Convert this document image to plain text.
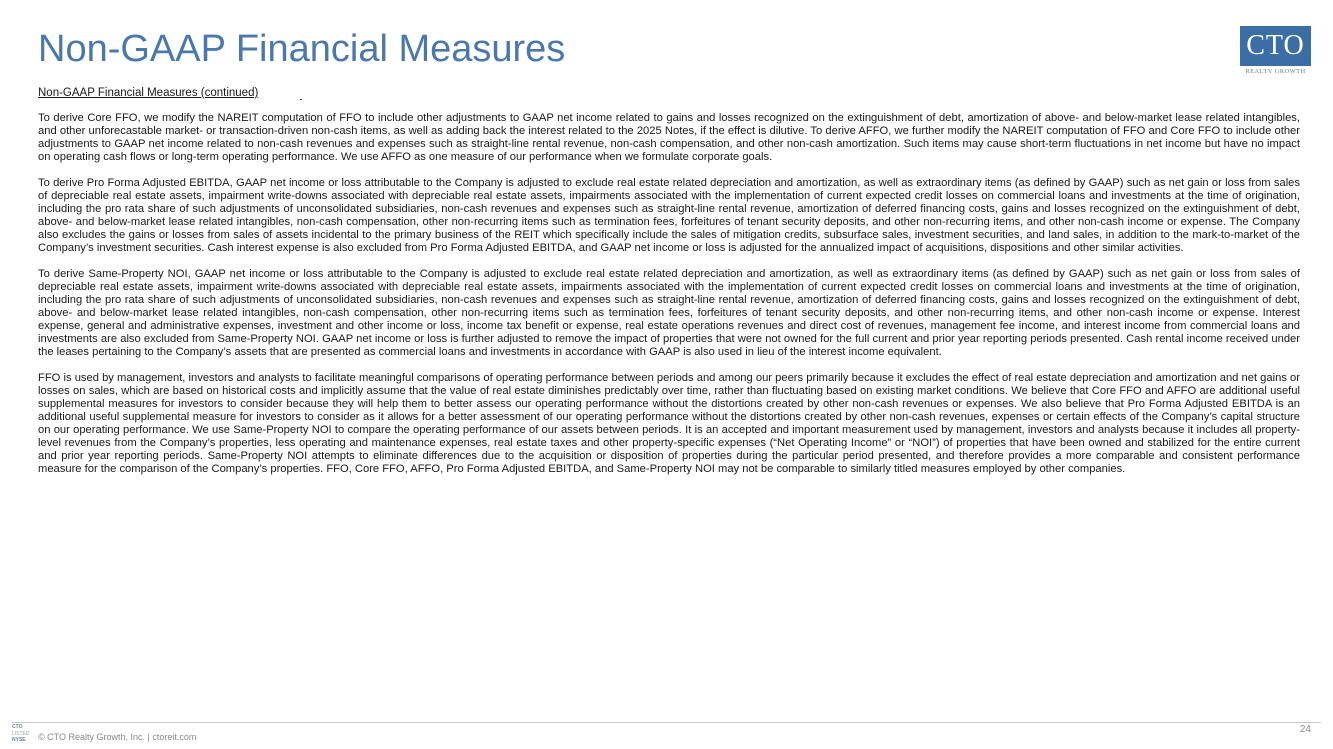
Non-GAAP Financial Measures	CTO
REALTY GROWTH
Non-GAAP Financial Measures (continued)

To derive Core FFO, we modify the NAREIT computation of FFO to include other adjustments to GAAP net income related to gains and losses recognized on the extinguishment of debt, amortization of above- and below-market lease related intangibles, and other unforecastable market- or transaction-driven non-cash items, as well as adding back the interest related to the 2025 Notes, if the effect is dilutive. To derive AFFO, we further modify the NAREIT computation of FFO and Core FFO to include other adjustments to GAAP net income related to non-cash revenues and expenses such as straight-line rental revenue, non-cash compensation, and other non-cash amortization. Such items may cause short-term fluctuations in net income but have no impact on operating cash flows or long-term operating performance. We use AFFO as one measure of our performance when we formulate corporate goals.

To derive Pro Forma Adjusted EBITDA, GAAP net income or loss attributable to the Company is adjusted to exclude real estate related depreciation and amortization, as well as extraordinary items (as defined by GAAP) such as net gain or loss from sales of depreciable real estate assets, impairment write-downs associated with depreciable real estate assets, impairments associated with the implementation of current expected credit losses on commercial loans and investments at the time of origination, including the pro rata share of such adjustments of unconsolidated subsidiaries, non-cash revenues and expenses such as straight-line rental revenue, amortization of deferred financing costs, gains and losses recognized on the extinguishment of debt, above- and below-market lease related intangibles, non-cash compensation, other non-recurring items such as termination fees, forfeitures of tenant security deposits, and other non-recurring items, and other non-cash income or expense. The Company also excludes the gains or losses from sales of assets incidental to the primary business of the REIT which specifically include the sales of mitigation credits, subsurface sales, investment securities, and land sales, in addition to the mark-to-market of the Company’s investment securities. Cash interest expense is also excluded from Pro Forma Adjusted EBITDA, and GAAP net income or loss is adjusted for the annualized impact of acquisitions, dispositions and other similar activities.

To derive Same-Property NOI, GAAP net income or loss attributable to the Company is adjusted to exclude real estate related depreciation and amortization, as well as extraordinary items (as defined by GAAP) such as net gain or loss from sales of depreciable real estate assets, impairment write-downs associated with depreciable real estate assets, impairments associated with the implementation of current expected credit losses on commercial loans and investments at the time of origination, including the pro rata share of such adjustments of unconsolidated subsidiaries, non-cash revenues and expenses such as straight-line rental revenue, amortization of deferred financing costs, gains and losses recognized on the extinguishment of debt, above- and below-market lease related intangibles, non-cash compensation, other non-recurring items such as termination fees, forfeitures of tenant security deposits, and other non-recurring items, and other non-cash income or expense. Interest expense, general and administrative expenses, investment and other income or loss, income tax benefit or expense, real estate operations revenues and direct cost of revenues, management fee income, and interest income from commercial loans and investments are also excluded from Same-Property NOI. GAAP net income or loss is further adjusted to remove the impact of properties that were not owned for the full current and prior year reporting periods presented. Cash rental income received under the leases pertaining to the Company’s assets that are presented as commercial loans and investments in accordance with GAAP is also used in lieu of the interest income equivalent.

FFO is used by management, investors and analysts to facilitate meaningful comparisons of operating performance between periods and among our peers primarily because it excludes the effect of real estate depreciation and amortization and net gains or losses on sales, which are based on historical costs and implicitly assume that the value of real estate diminishes predictably over time, rather than fluctuating based on existing market conditions. We believe that Core FFO and AFFO are additional useful supplemental measures for investors to consider because they will help them to better assess our operating performance without the distortions created by other non-cash revenues or expenses. We also believe that Pro Forma Adjusted EBITDA is an additional useful supplemental measure for investors to consider as it allows for a better assessment of our operating performance without the distortions created by other non-cash revenues, expenses or certain effects of the Company’s capital structure on our operating performance. We use Same-Property NOI to compare the operating performance of our assets between periods. It is an accepted and important measurement used by management, investors and analysts because it includes all property-level revenues from the Company’s properties, less operating and maintenance expenses, real estate taxes and other property-specific expenses (“Net Operating Income” or “NOI”) of properties that have been owned and stabilized for the entire current and prior year reporting periods. Same-Property NOI attempts to eliminate differences due to the acquisition or disposition of properties during the particular period presented, and therefore provides a more comparable and consistent performance measure for the comparison of the Company’s properties. FFO, Core FFO, AFFO, Pro Forma Adjusted EBITDA, and Same-Property NOI may not be comparable to similarly titled measures employed by other companies.

CTO
LISTED
NYSE	© CTO Realty Growth, Inc. | ctoreit.com
24
